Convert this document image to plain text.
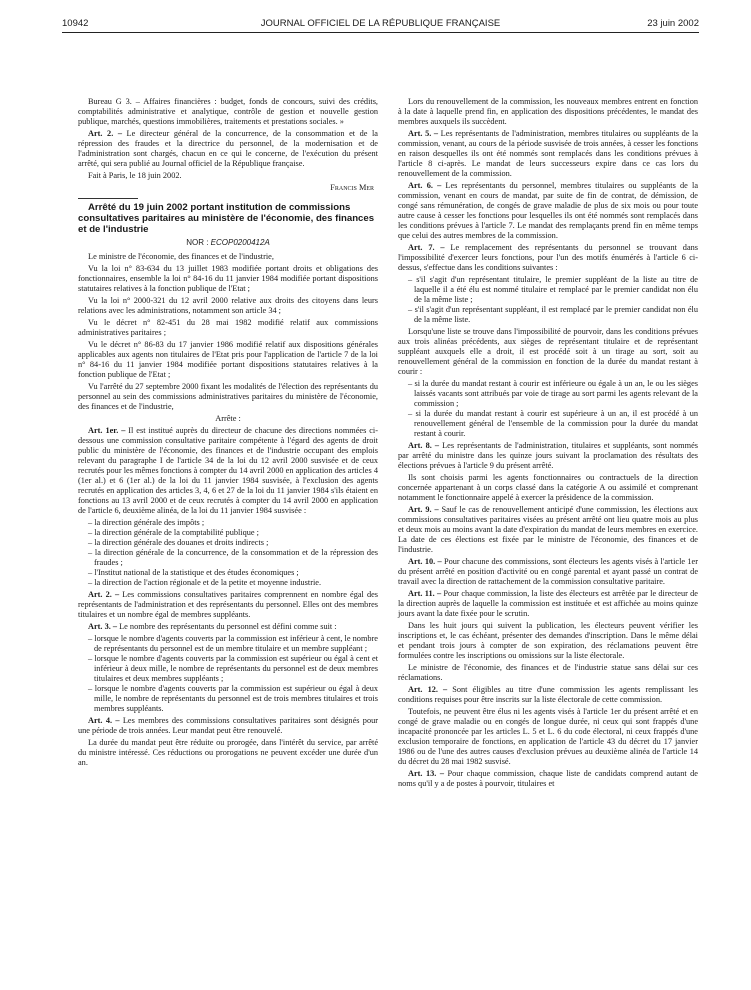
10942	JOURNAL OFFICIEL DE LA RÉPUBLIQUE FRANÇAISE	23 juin 2002

Bureau G 3. – Affaires financières : budget, fonds de concours, suivi des crédits, comptabilités administrative et analytique, contrôle de gestion et nouvelle gestion publique, marchés, questions immobilières, traitements et prestations sociales. »

Art. 2. – Le directeur général de la concurrence, de la consommation et de la répression des fraudes et la directrice du personnel, de la modernisation et de l'administration sont chargés, chacun en ce qui le concerne, de l'exécution du présent arrêté, qui sera publié au Journal officiel de la République française.

Fait à Paris, le 18 juin 2002.

Francis Mer

Arrêté du 19 juin 2002 portant institution de commissions consultatives paritaires au ministère de l'économie, des finances et de l'industrie

NOR : ECOP0200412A

Le ministre de l'économie, des finances et de l'industrie,

Vu la loi n° 83-634 du 13 juillet 1983 modifiée portant droits et obligations des fonctionnaires, ensemble la loi n° 84-16 du 11 janvier 1984 modifiée portant dispositions statutaires relatives à la fonction publique de l'Etat ;

Vu la loi n° 2000-321 du 12 avril 2000 relative aux droits des citoyens dans leurs relations avec les administrations, notamment son article 34 ;

Vu le décret n° 82-451 du 28 mai 1982 modifié relatif aux commissions administratives paritaires ;

Vu le décret n° 86-83 du 17 janvier 1986 modifié relatif aux dispositions générales applicables aux agents non titulaires de l'Etat pris pour l'application de l'article 7 de la loi n° 84-16 du 11 janvier 1984 modifiée portant dispositions statutaires relatives à la fonction publique de l'Etat ;

Vu l'arrêté du 27 septembre 2000 fixant les modalités de l'élection des représentants du personnel au sein des commissions administratives paritaires du ministère de l'économie, des finances et de l'industrie,

Arrête :

Art. 1er. – Il est institué auprès du directeur de chacune des directions nommées ci-dessous une commission consultative paritaire compétente à l'égard des agents de droit public du ministère de l'économie, des finances et de l'industrie occupant des emplois relevant du paragraphe I de l'article 34 de la loi du 12 avril 2000 susvisée et de ceux recrutés pour les mêmes fonctions à compter du 14 avril 2000 en application des articles 4 (1er al.) et 6 (1er al.) de la loi du 11 janvier 1984 susvisée, à l'exclusion des agents recrutés en application des articles 3, 4, 6 et 27 de la loi du 11 janvier 1984 s'ils étaient en fonctions au 13 avril 2000 et de ceux recrutés à compter du 14 avril 2000 en application de l'article 6, deuxième alinéa, de la loi du 11 janvier 1984 susvisée :

– la direction générale des impôts ;
– la direction générale de la comptabilité publique ;
– la direction générale des douanes et droits indirects ;
– la direction générale de la concurrence, de la consommation et de la répression des fraudes ;
– l'Institut national de la statistique et des études économiques ;
– la direction de l'action régionale et de la petite et moyenne industrie.

Art. 2. – Les commissions consultatives paritaires comprennent en nombre égal des représentants de l'administration et des représentants du personnel. Elles ont des membres titulaires et un nombre égal de membres suppléants.

Art. 3. – Le nombre des représentants du personnel est défini comme suit :

– lorsque le nombre d'agents couverts par la commission est inférieur à cent, le nombre de représentants du personnel est de un membre titulaire et un membre suppléant ;
– lorsque le nombre d'agents couverts par la commission est supérieur ou égal à cent et inférieur à deux mille, le nombre de représentants du personnel est de deux membres titulaires et deux membres suppléants ;
– lorsque le nombre d'agents couverts par la commission est supérieur ou égal à deux mille, le nombre de représentants du personnel est de trois membres titulaires et trois membres suppléants.

Art. 4. – Les membres des commissions consultatives paritaires sont désignés pour une période de trois années. Leur mandat peut être renouvelé.

La durée du mandat peut être réduite ou prorogée, dans l'intérêt du service, par arrêté du ministre intéressé. Ces réductions ou prorogations ne peuvent excéder une durée d'un an.

Lors du renouvellement de la commission, les nouveaux membres entrent en fonction à la date à laquelle prend fin, en application des dispositions précédentes, le mandat des membres auxquels ils succèdent.

Art. 5. – Les représentants de l'administration, membres titulaires ou suppléants de la commission, venant, au cours de la période susvisée de trois années, à cesser les fonctions en raison desquelles ils ont été nommés sont remplacés dans les conditions prévues à l'article 8 ci-après. Le mandat de leurs successeurs expire dans ce cas lors du renouvellement de la commission.

Art. 6. – Les représentants du personnel, membres titulaires ou suppléants de la commission, venant en cours de mandat, par suite de fin de contrat, de démission, de congé sans rémunération, de congés de grave maladie de plus de six mois ou pour toute autre cause à cesser les fonctions pour lesquelles ils ont été nommés sont remplacés dans les conditions prévues à l'article 7. Le mandat des remplaçants prend fin en même temps que celui des autres membres de la commission.

Art. 7. – Le remplacement des représentants du personnel se trouvant dans l'impossibilité d'exercer leurs fonctions, pour l'un des motifs énumérés à l'article 6 ci-dessus, s'effectue dans les conditions suivantes :

– s'il s'agit d'un représentant titulaire, le premier suppléant de la liste au titre de laquelle il a été élu est nommé titulaire et remplacé par le premier candidat non élu de la même liste ;
– s'il s'agit d'un représentant suppléant, il est remplacé par le premier candidat non élu de la même liste.

Lorsqu'une liste se trouve dans l'impossibilité de pourvoir, dans les conditions prévues aux trois alinéas précédents, aux sièges de représentant titulaire et de représentant suppléant auxquels elle a droit, il est procédé soit à un tirage au sort, soit au renouvellement général de la commission en fonction de la durée du mandat restant à courir :

– si la durée du mandat restant à courir est inférieure ou égale à un an, le ou les sièges laissés vacants sont attribués par voie de tirage au sort parmi les agents relevant de la commission ;
– si la durée du mandat restant à courir est supérieure à un an, il est procédé à un renouvellement général de l'ensemble de la commission pour la durée du mandat restant à courir.

Art. 8. – Les représentants de l'administration, titulaires et suppléants, sont nommés par arrêté du ministre dans les quinze jours suivant la proclamation des résultats des élections prévues à l'article 9 du présent arrêté.

Ils sont choisis parmi les agents fonctionnaires ou contractuels de la direction concernée appartenant à un corps classé dans la catégorie A ou assimilé et comprenant notamment le fonctionnaire appelé à exercer la présidence de la commission.

Art. 9. – Sauf le cas de renouvellement anticipé d'une commission, les élections aux commissions consultatives paritaires visées au présent arrêté ont lieu quatre mois au plus et deux mois au moins avant la date d'expiration du mandat de leurs membres en exercice. La date de ces élections est fixée par le ministre de l'économie, des finances et de l'industrie.

Art. 10. – Pour chacune des commissions, sont électeurs les agents visés à l'article 1er du présent arrêté en position d'activité ou en congé parental et ayant passé un contrat de travail avec la direction de rattachement de la commission consultative paritaire.

Art. 11. – Pour chaque commission, la liste des électeurs est arrêtée par le directeur de la direction auprès de laquelle la commission est instituée et est affichée au moins quinze jours avant la date fixée pour le scrutin.

Dans les huit jours qui suivent la publication, les électeurs peuvent vérifier les inscriptions et, le cas échéant, présenter des demandes d'inscription. Dans le même délai et pendant trois jours à compter de son expiration, des réclamations peuvent être formulées contre les inscriptions ou omissions sur la liste électorale.

Le ministre de l'économie, des finances et de l'industrie statue sans délai sur ces réclamations.

Art. 12. – Sont éligibles au titre d'une commission les agents remplissant les conditions requises pour être inscrits sur la liste électorale de cette commission.

Toutefois, ne peuvent être élus ni les agents visés à l'article 1er du présent arrêté et en congé de grave maladie ou en congés de longue durée, ni ceux qui sont frappés d'une incapacité prononcée par les articles L. 5 et L. 6 du code électoral, ni ceux frappés d'une exclusion temporaire de fonctions, en application de l'article 43 du décret du 17 janvier 1986 ou de l'une des autres causes d'exclusion prévues au deuxième alinéa de l'article 14 du décret du 28 mai 1982 susvisé.

Art. 13. – Pour chaque commission, chaque liste de candidats comprend autant de noms qu'il y a de postes à pourvoir, titulaires et
